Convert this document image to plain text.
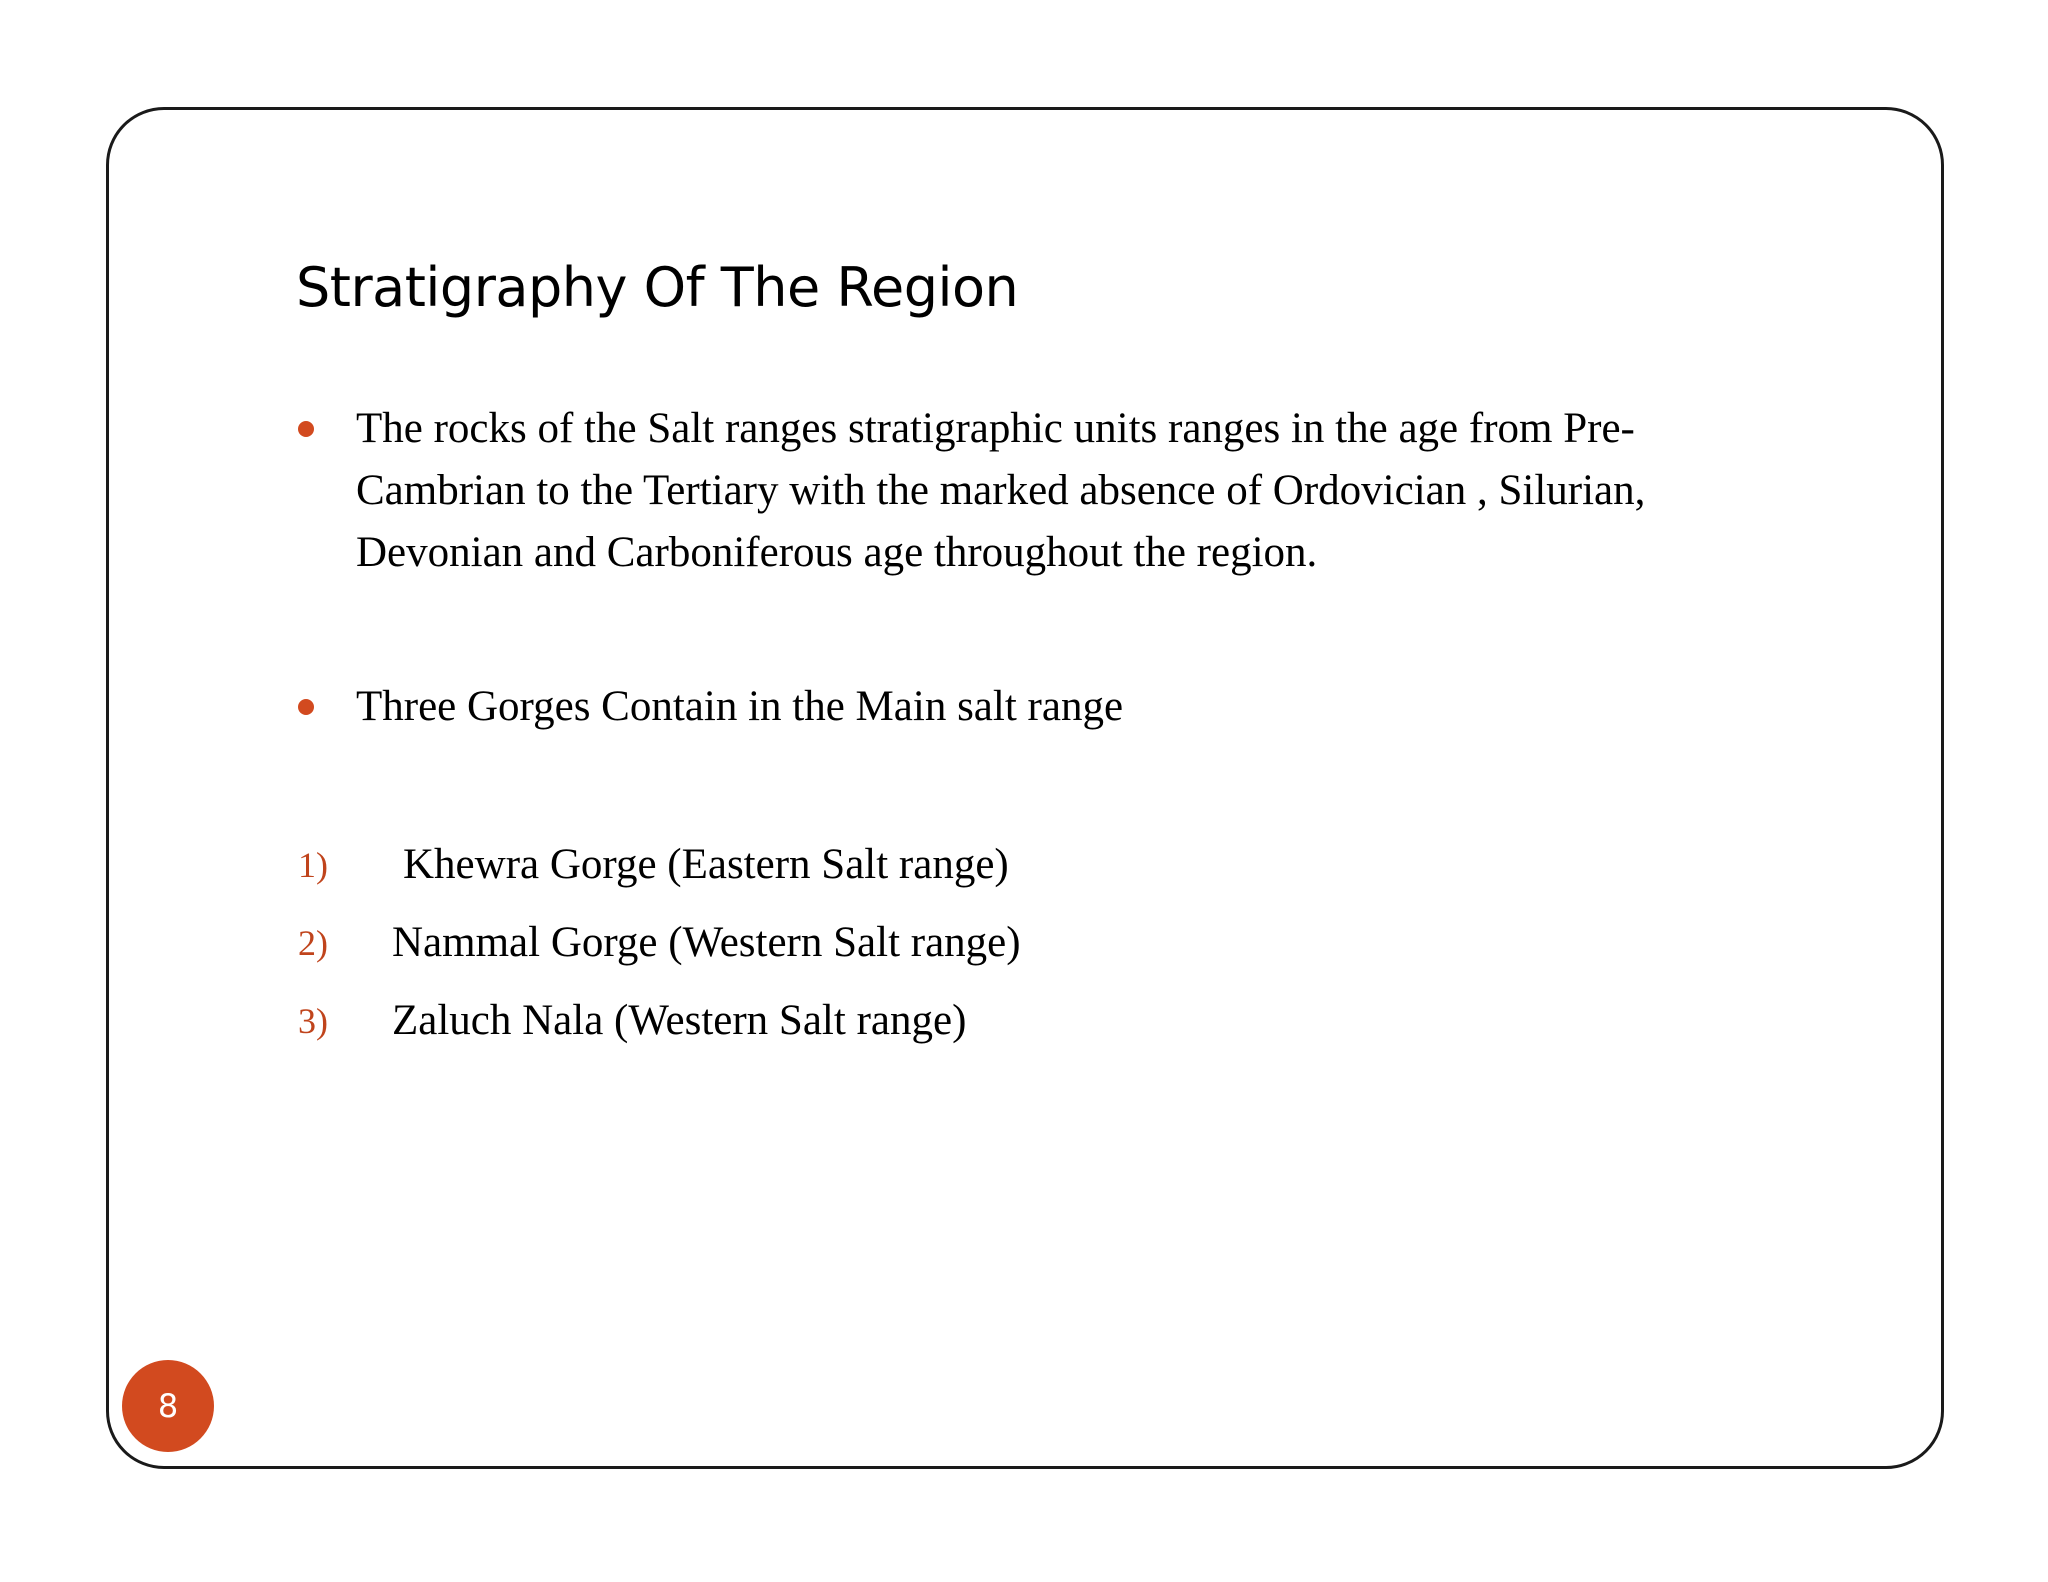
Stratigraphy Of The Region
The rocks of the Salt ranges stratigraphic units ranges in the age from Pre-
Cambrian to the Tertiary with the marked absence of Ordovician , Silurian,
Devonian and Carboniferous age throughout the region.
Three Gorges Contain in the Main salt range
1) Khewra Gorge (Eastern Salt range)
2) Nammal Gorge (Western Salt range)
3) Zaluch Nala (Western Salt range)
8
